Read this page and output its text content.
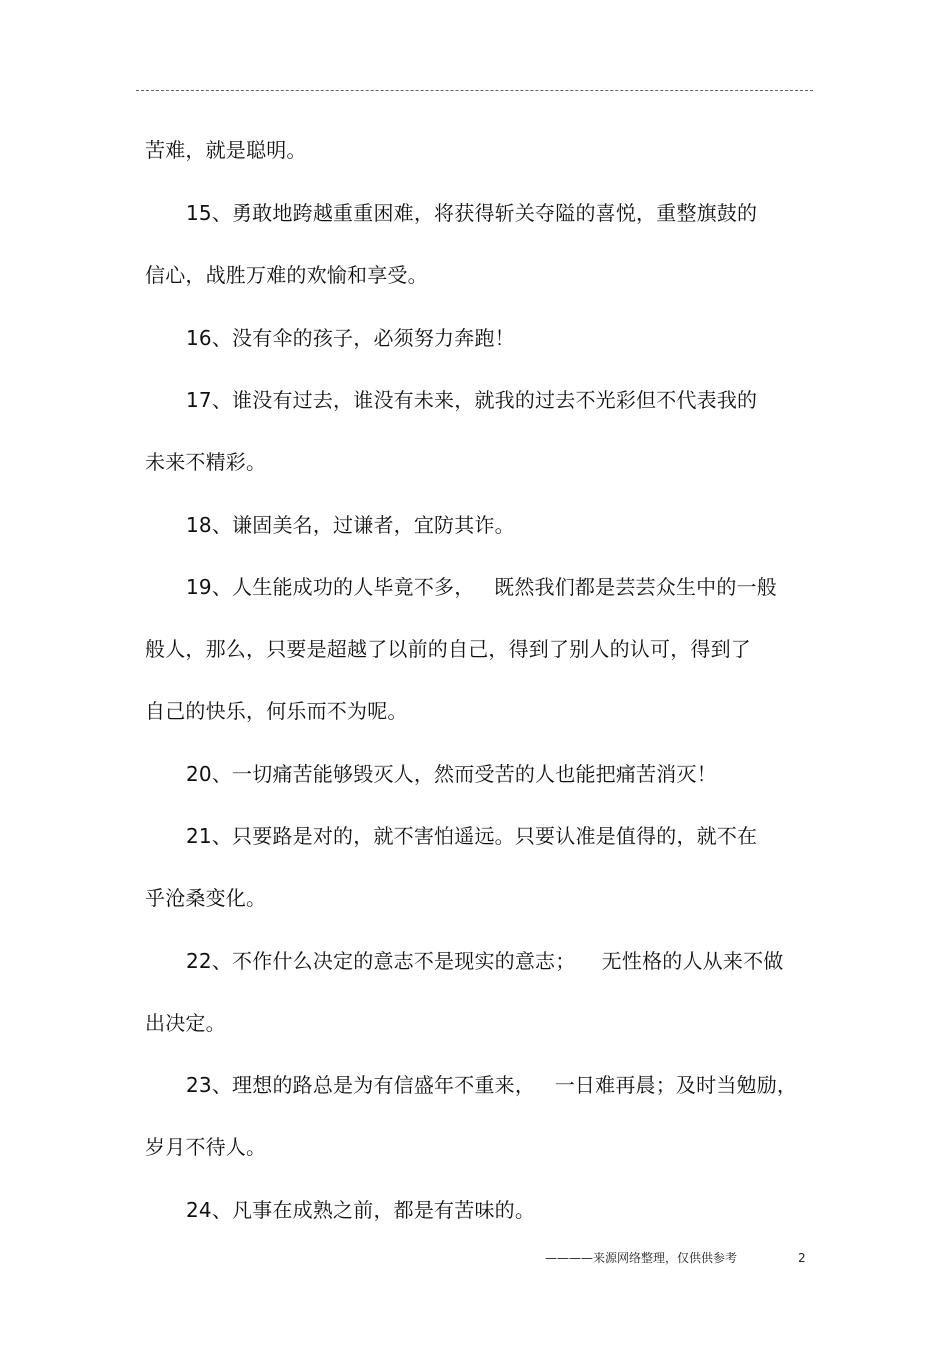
苦难，就是聪明。
15、勇敢地跨越重重困难，将获得斩关夺隘的喜悦，重整旗鼓的
信心，战胜万难的欢愉和享受。
16、没有伞的孩子，必须努力奔跑！
17、谁没有过去，谁没有未来，就我的过去不光彩但不代表我的
未来不精彩。
18、谦固美名，过谦者，宜防其诈。
19、人生能成功的人毕竟不多，   既然我们都是芸芸众生中的一般
般人，那么，只要是超越了以前的自己，得到了别人的认可，得到了
自己的快乐，何乐而不为呢。
20、一切痛苦能够毁灭人，然而受苦的人也能把痛苦消灭！
21、只要路是对的，就不害怕遥远。只要认准是值得的，就不在
乎沧桑变化。
22、不作什么决定的意志不是现实的意志；    无性格的人从来不做
出决定。
23、理想的路总是为有信盛年不重来，   一日难再晨；及时当勉励，
岁月不待人。
24、凡事在成熟之前，都是有苦味的。
————来源网络整理，仅供供参考	2
